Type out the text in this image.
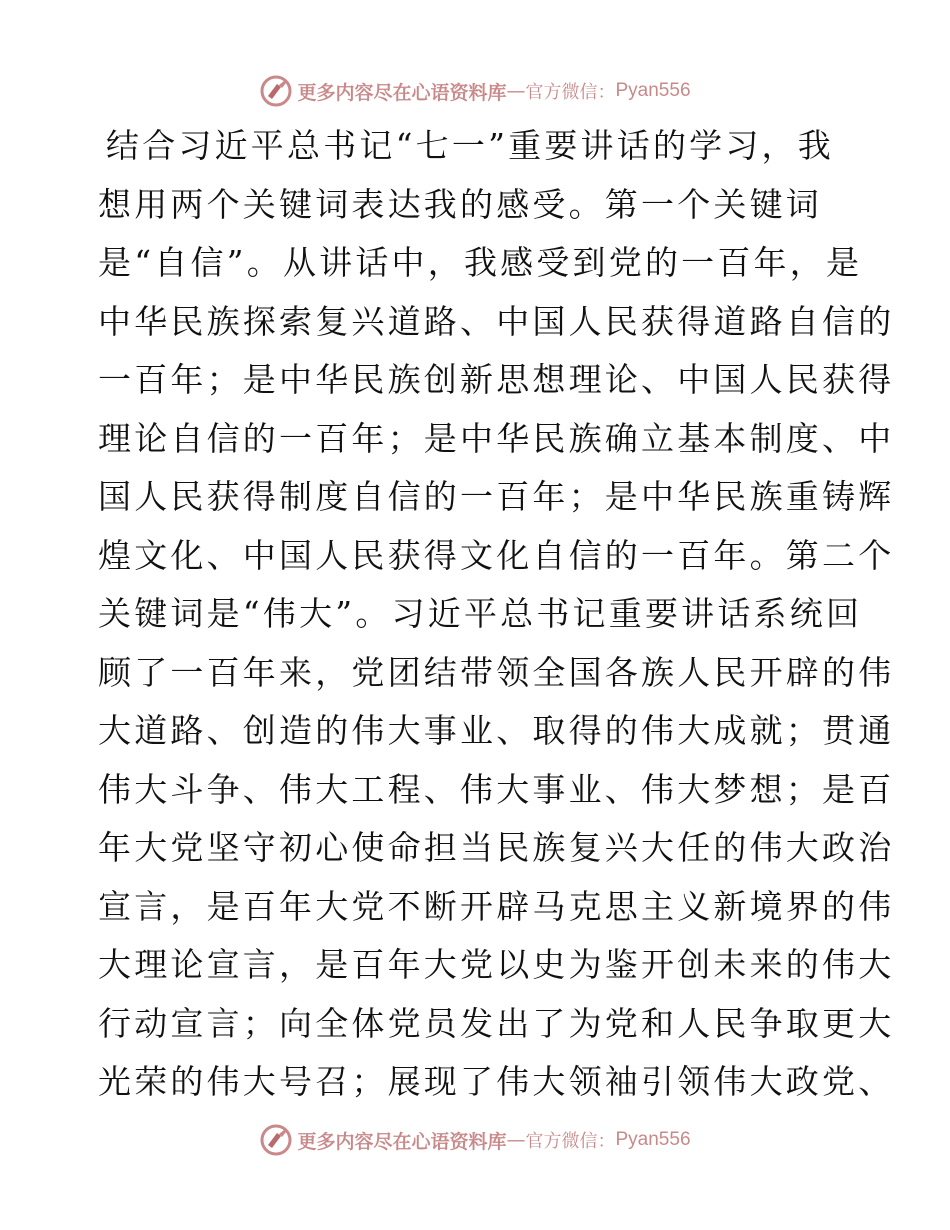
更多内容尽在心语资料库 — 官方微信： Pyan556
结合习近平总书记“七一”重要讲话的学习，我
想用两个关键词表达我的感受。第一个关键词
是“自信”。从讲话中，我感受到党的一百年，是
中华民族探索复兴道路、中国人民获得道路自信的
一百年；是中华民族创新思想理论、中国人民获得
理论自信的一百年；是中华民族确立基本制度、中
国人民获得制度自信的一百年；是中华民族重铸辉
煌文化、中国人民获得文化自信的一百年。第二个
关键词是“伟大”。习近平总书记重要讲话系统回
顾了一百年来，党团结带领全国各族人民开辟的伟
大道路、创造的伟大事业、取得的伟大成就；贯通
伟大斗争、伟大工程、伟大事业、伟大梦想；是百
年大党坚守初心使命担当民族复兴大任的伟大政治
宣言，是百年大党不断开辟马克思主义新境界的伟
大理论宣言，是百年大党以史为鉴开创未来的伟大
行动宣言；向全体党员发出了为党和人民争取更大
光荣的伟大号召；展现了伟大领袖引领伟大政党、
更多内容尽在心语资料库 — 官方微信： Pyan556
